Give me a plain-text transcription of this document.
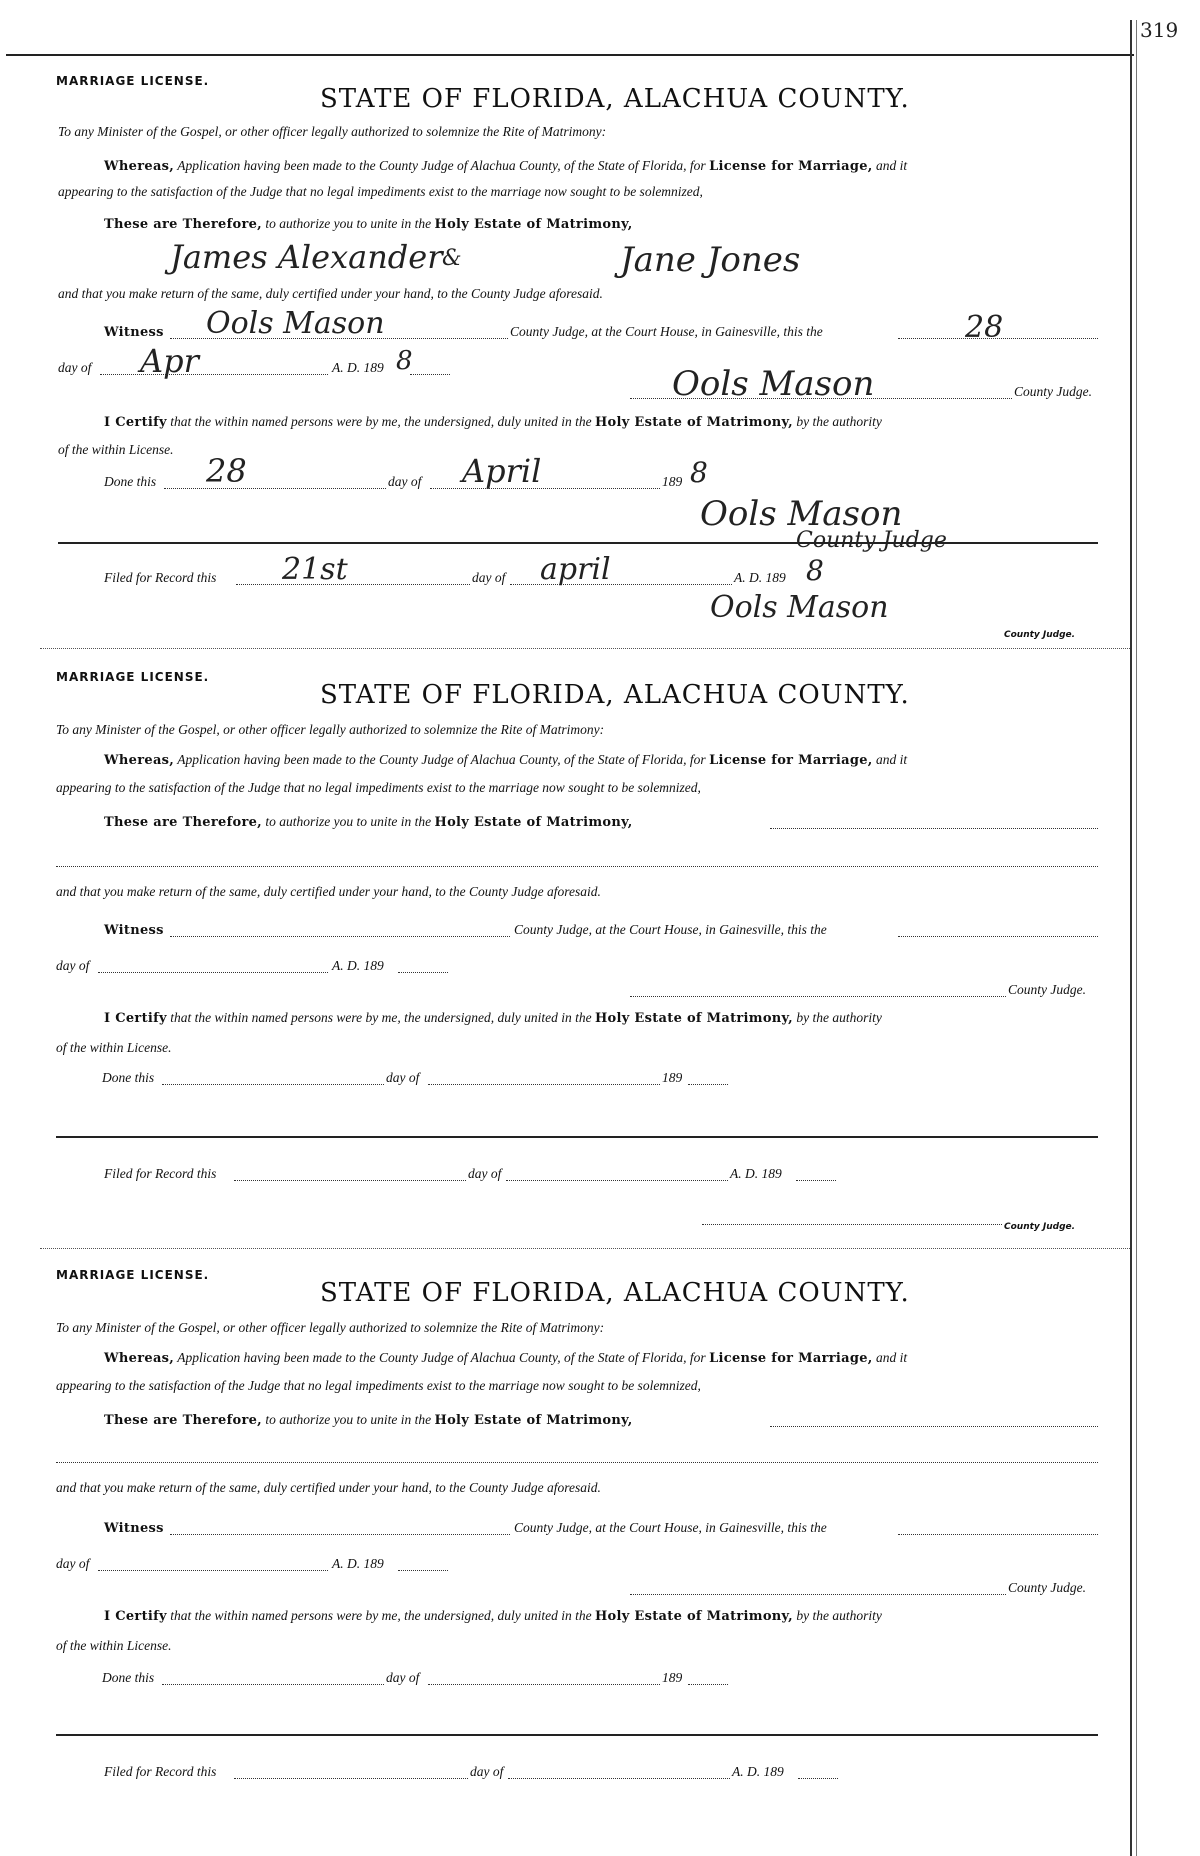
319
MARRIAGE LICENSE.
STATE OF FLORIDA, ALACHUA COUNTY.
To any Minister of the Gospel, or other officer legally authorized to solemnize the Rite of Matrimony:
Whereas, Application having been made to the County Judge of Alachua County, of the State of Florida, for License for Marriage, and it
appearing to the satisfaction of the Judge that no legal impediments exist to the marriage now sought to be solemnized,
These are Therefore, to authorize you to unite in the Holy Estate of Matrimony,
James Alexander &	Jane Jones
and that you make return of the same, duly certified under your hand, to the County Judge aforesaid.
Witness Ools Mason	County Judge, at the Court House, in Gainesville, this the	28
day of Apr	A. D. 189 8
Ools Mason	County Judge.
I Certify that the within named persons were by me, the undersigned, duly united in the Holy Estate of Matrimony, by the authority
of the within License.
Done this 28	day of April	189 8
Ools Mason
County Judge
Filed for Record this 21st	day of april	A. D. 189 8
Ools Mason
County Judge.
MARRIAGE LICENSE.
STATE OF FLORIDA, ALACHUA COUNTY.
To any Minister of the Gospel, or other officer legally authorized to solemnize the Rite of Matrimony:
Whereas, Application having been made to the County Judge of Alachua County, of the State of Florida, for License for Marriage, and it
appearing to the satisfaction of the Judge that no legal impediments exist to the marriage now sought to be solemnized,
These are Therefore, to authorize you to unite in the Holy Estate of Matrimony,
and that you make return of the same, duly certified under your hand, to the County Judge aforesaid.
Witness	County Judge, at the Court House, in Gainesville, this the
day of	A. D. 189
County Judge.
I Certify that the within named persons were by me, the undersigned, duly united in the Holy Estate of Matrimony, by the authority
of the within License.
Done this	day of	189
Filed for Record this	day of	A. D. 189
County Judge.
MARRIAGE LICENSE.
STATE OF FLORIDA, ALACHUA COUNTY.
To any Minister of the Gospel, or other officer legally authorized to solemnize the Rite of Matrimony:
Whereas, Application having been made to the County Judge of Alachua County, of the State of Florida, for License for Marriage, and it
appearing to the satisfaction of the Judge that no legal impediments exist to the marriage now sought to be solemnized,
These are Therefore, to authorize you to unite in the Holy Estate of Matrimony,
and that you make return of the same, duly certified under your hand, to the County Judge aforesaid.
Witness	County Judge, at the Court House, in Gainesville, this the
day of	A. D. 189
County Judge.
I Certify that the within named persons were by me, the undersigned, duly united in the Holy Estate of Matrimony, by the authority
of the within License.
Done this	day of	189
Filed for Record this	day of	A. D. 189
